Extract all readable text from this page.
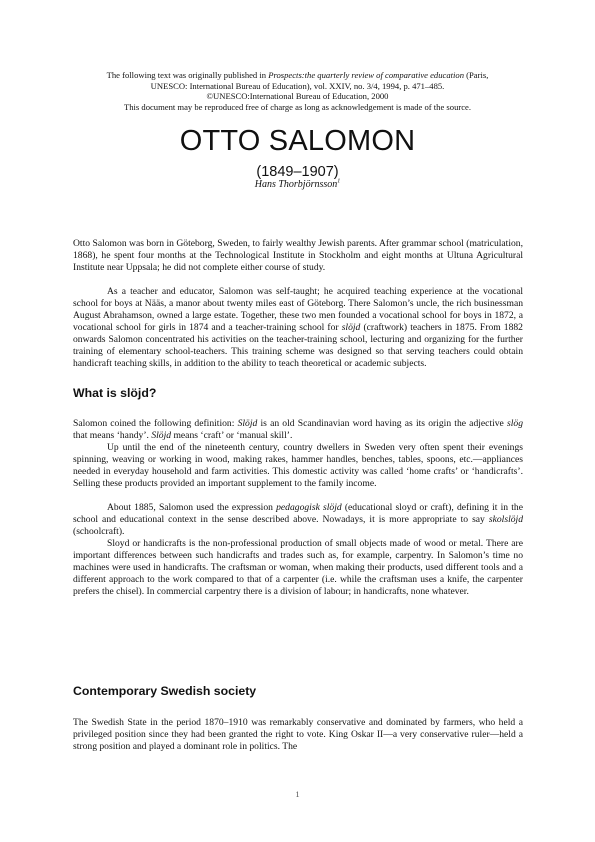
The following text was originally published in Prospects:the quarterly review of comparative education (Paris,

UNESCO: International Bureau of Education), vol. XXIV, no. 3/4, 1994, p. 471–485.

©UNESCO:International Bureau of Education, 2000

This document may be reproduced free of charge as long as acknowledgement is made of the source.

OTTO SALOMON
(1849–1907)
Hans Thorbjörnsson$^1$

Otto Salomon was born in Göteborg, Sweden, to fairly wealthy Jewish parents. After grammar school (matriculation, 1868), he spent four months at the Technological Institute in Stockholm and eight months at Ultuna Agricultural Institute near Uppsala; he did not complete either course of study.

As a teacher and educator, Salomon was self-taught; he acquired teaching experience at the vocational school for boys at Nääs, a manor about twenty miles east of Göteborg. There Salomon’s uncle, the rich businessman August Abrahamson, owned a large estate. Together, these two men founded a vocational school for boys in 1872, a vocational school for girls in 1874 and a teacher-training school for slöjd (craftwork) teachers in 1875. From 1882 onwards Salomon concentrated his activities on the teacher-training school, lecturing and organizing for the further training of elementary school-teachers. This training scheme was designed so that serving teachers could obtain handicraft teaching skills, in addition to the ability to teach theoretical or academic subjects.

What is slöjd?

Salomon coined the following definition: Slöjd is an old Scandinavian word having as its origin the adjective slög that means ‘handy’. Slöjd means ‘craft’ or ‘manual skill’.

Up until the end of the nineteenth century, country dwellers in Sweden very often spent their evenings spinning, weaving or working in wood, making rakes, hammer handles, benches, tables, spoons, etc.—appliances needed in everyday household and farm activities. This domestic activity was called ‘home crafts’ or ‘handicrafts’. Selling these products provided an important supplement to the family income.

About 1885, Salomon used the expression pedagogisk slöjd (educational sloyd or craft), defining it in the school and educational context in the sense described above. Nowadays, it is more appropriate to say skolslöjd (schoolcraft).

Sloyd or handicrafts is the non-professional production of small objects made of wood or metal. There are important differences between such handicrafts and trades such as, for example, carpentry. In Salomon’s time no machines were used in handicrafts. The craftsman or woman, when making their products, used different tools and a different approach to the work compared to that of a carpenter (i.e. while the craftsman uses a knife, the carpenter prefers the chisel). In commercial carpentry there is a division of labour; in handicrafts, none whatever.

Contemporary Swedish society

The Swedish State in the period 1870–1910 was remarkably conservative and dominated by farmers, who held a privileged position since they had been granted the right to vote. King Oskar II—a very conservative ruler—held a strong position and played a dominant role in politics. The

1
